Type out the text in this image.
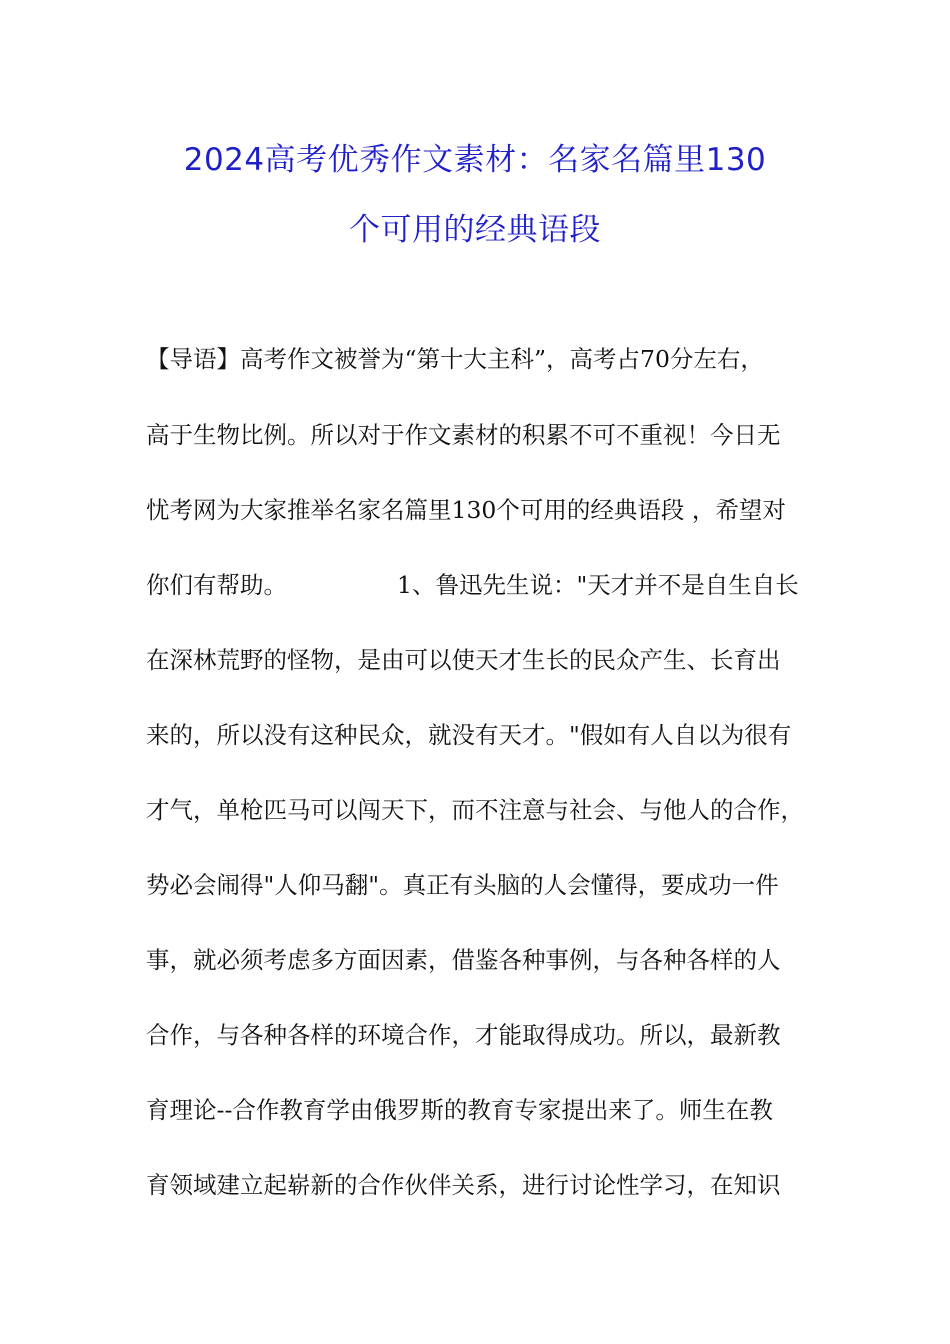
2024高考优秀作文素材：名家名篇里130
个可用的经典语段
【导语】高考作文被誉为“第十大主科”，高考占70分左右，
高于生物比例。所以对于作文素材的积累不可不重视！今日无
忧考网为大家推举名家名篇里130个可用的经典语段 ，希望对
你们有帮助。	1、鲁迅先生说："天才并不是自生自长
在深林荒野的怪物，是由可以使天才生长的民众产生、长育出
来的，所以没有这种民众，就没有天才。"假如有人自以为很有
才气，单枪匹马可以闯天下，而不注意与社会、与他人的合作，
势必会闹得"人仰马翻"。真正有头脑的人会懂得，要成功一件
事，就必须考虑多方面因素，借鉴各种事例，与各种各样的人
合作，与各种各样的环境合作，才能取得成功。所以，最新教
育理论--合作教育学由俄罗斯的教育专家提出来了。师生在教
育领域建立起崭新的合作伙伴关系，进行讨论性学习，在知识
